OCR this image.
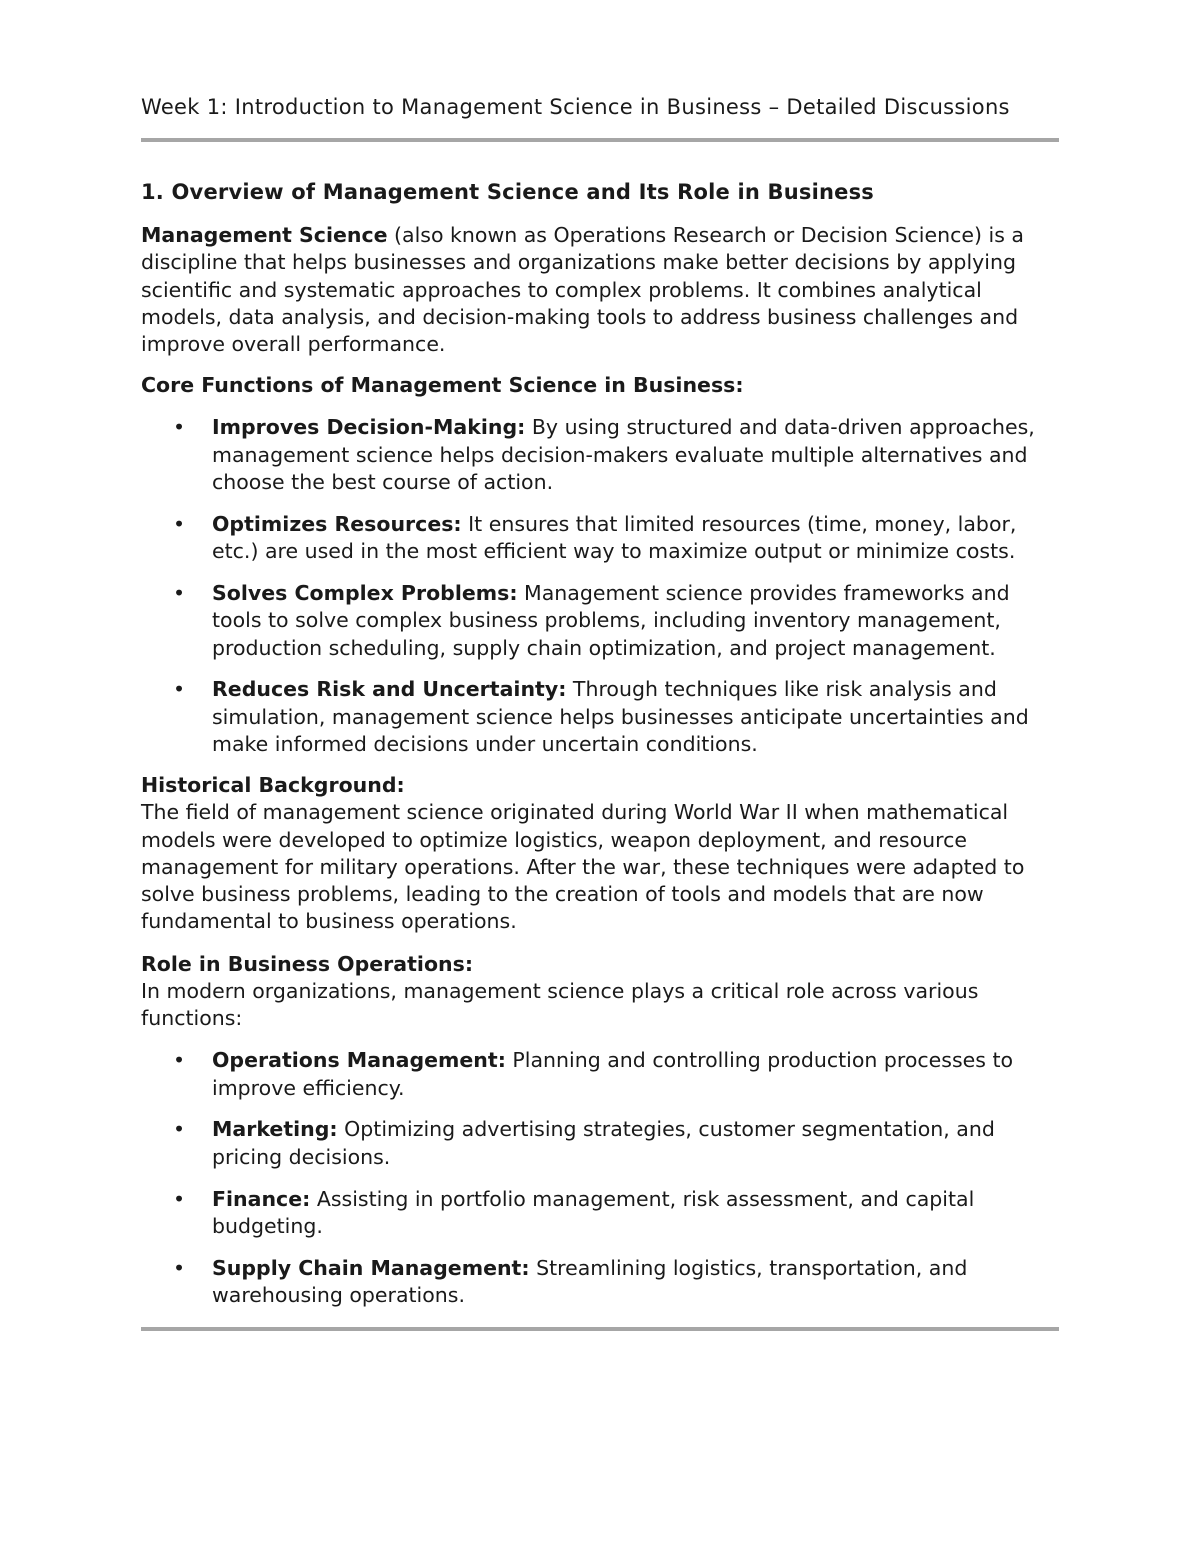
Week 1: Introduction to Management Science in Business – Detailed Discussions
1. Overview of Management Science and Its Role in Business

Management Science (also known as Operations Research or Decision Science) is a discipline that helps businesses and organizations make better decisions by applying scientific and systematic approaches to complex problems. It combines analytical models, data analysis, and decision-making tools to address business challenges and improve overall performance.

Core Functions of Management Science in Business:

• Improves Decision-Making: By using structured and data-driven approaches, management science helps decision-makers evaluate multiple alternatives and choose the best course of action.
• Optimizes Resources: It ensures that limited resources (time, money, labor, etc.) are used in the most efficient way to maximize output or minimize costs.
• Solves Complex Problems: Management science provides frameworks and tools to solve complex business problems, including inventory management, production scheduling, supply chain optimization, and project management.
• Reduces Risk and Uncertainty: Through techniques like risk analysis and simulation, management science helps businesses anticipate uncertainties and make informed decisions under uncertain conditions.

Historical Background:

The field of management science originated during World War II when mathematical models were developed to optimize logistics, weapon deployment, and resource management for military operations. After the war, these techniques were adapted to solve business problems, leading to the creation of tools and models that are now fundamental to business operations.

Role in Business Operations:

In modern organizations, management science plays a critical role across various functions:

• Operations Management: Planning and controlling production processes to improve efficiency.
• Marketing: Optimizing advertising strategies, customer segmentation, and pricing decisions.
• Finance: Assisting in portfolio management, risk assessment, and capital budgeting.
• Supply Chain Management: Streamlining logistics, transportation, and warehousing operations.
